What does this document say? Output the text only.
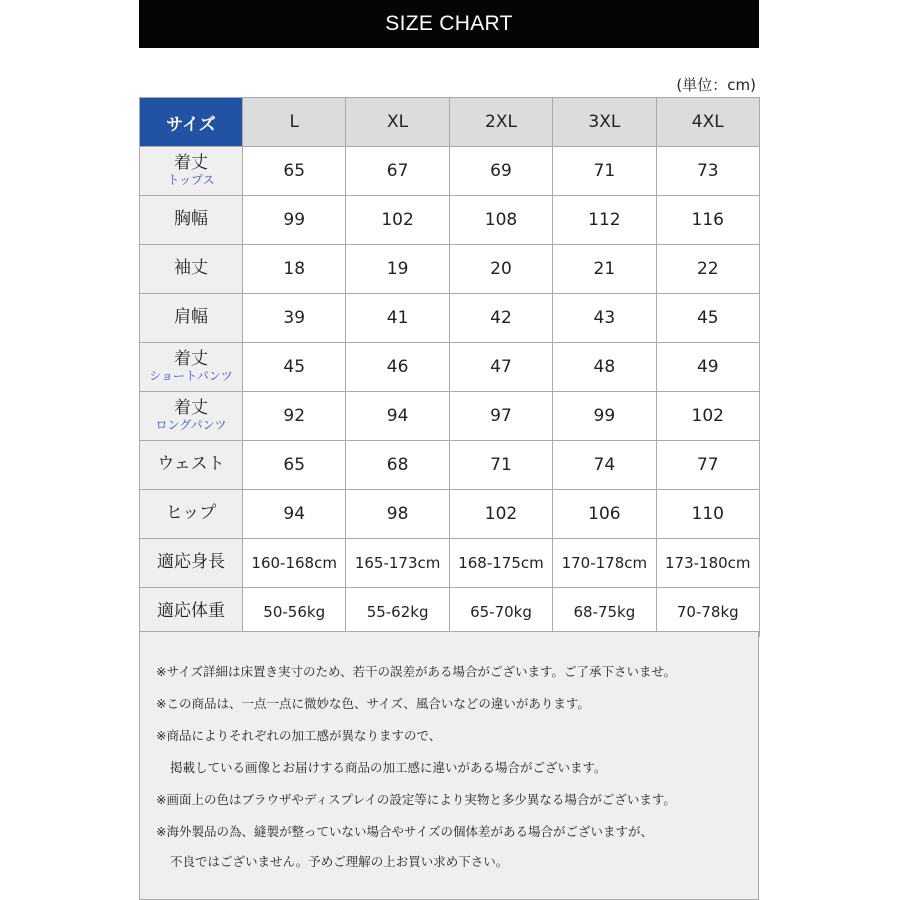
SIZE CHART
(単位：cm)
サイズ	L	XL	2XL	3XL	4XL

着丈
トップス	65	67	69	71	73

胸幅	99	102	108	112	116

袖丈	18	19	20	21	22

肩幅	39	41	42	43	45

着丈
ショートパンツ	45	46	47	48	49

着丈
ロングパンツ	92	94	97	99	102

ウェスト	65	68	71	74	77

ヒップ	94	98	102	106	110

適応身長	160-168cm	165-173cm	168-175cm	170-178cm	173-180cm

適応体重	50-56kg	55-62kg	65-70kg	68-75kg	70-78kg
※サイズ詳細は床置き実寸のため、若干の誤差がある場合がございます。ご了承下さいませ。
※この商品は、一点一点に微妙な色、サイズ、風合いなどの違いがあります。
※商品によりそれぞれの加工感が異なりますので、
掲載している画像とお届けする商品の加工感に違いがある場合がございます。
※画面上の色はブラウザやディスプレイの設定等により実物と多少異なる場合がございます。
※海外製品の為、縫製が整っていない場合やサイズの個体差がある場合がございますが、
不良ではございません。予めご理解の上お買い求め下さい。
